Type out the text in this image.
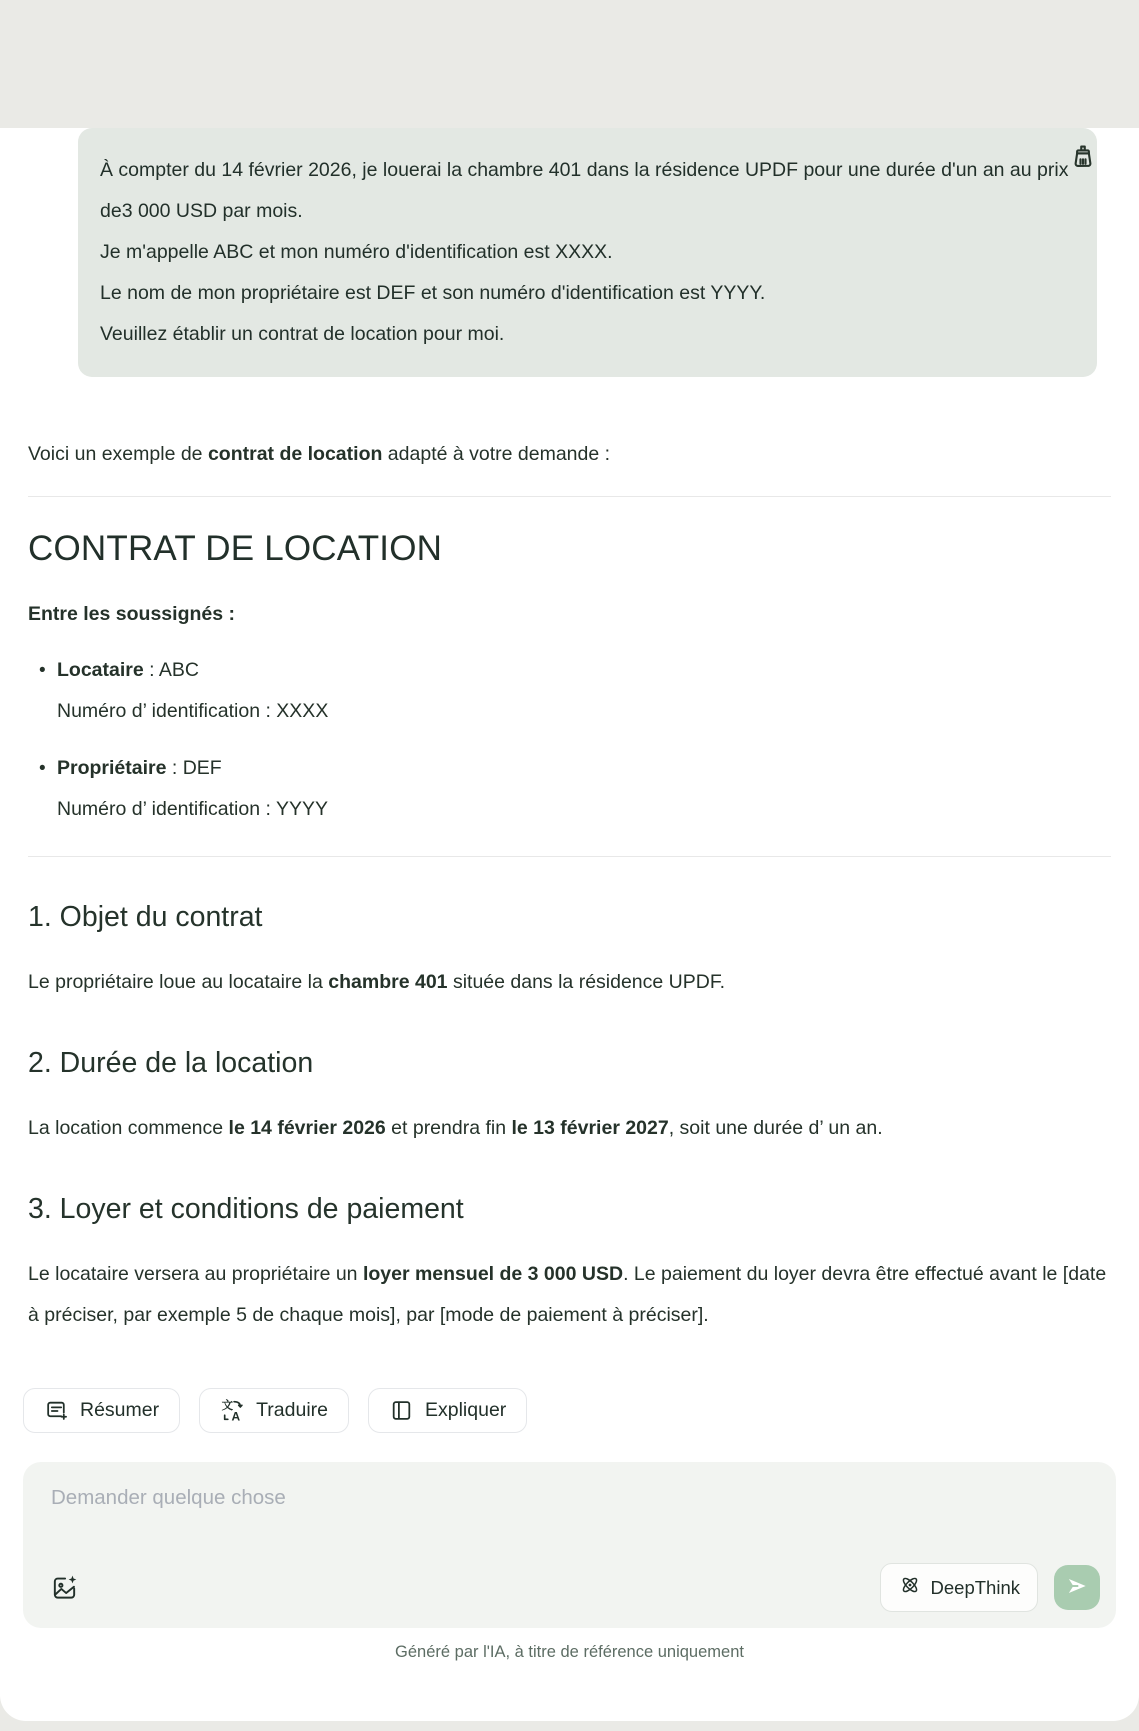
À compter du 14 février 2026, je louerai la chambre 401 dans la résidence UPDF pour une durée d'un an au prix de3 000 USD par mois.

Je m'appelle ABC et mon numéro d'identification est XXXX.

Le nom de mon propriétaire est DEF et son numéro d'identification est YYYY.

Veuillez établir un contrat de location pour moi.

Voici un exemple de contrat de location adapté à votre demande :

CONTRAT DE LOCATION

Entre les soussignés :

• Locataire : ABC
Numéro d’ identification : XXXX
• Propriétaire : DEF
Numéro d’ identification : YYYY
1. Objet du contrat

Le propriétaire loue au locataire la chambre 401 située dans la résidence UPDF.

2. Durée de la location

La location commence le 14 février 2026 et prendra fin le 13 février 2027, soit une durée d’ un an.

3. Loyer et conditions de paiement

Le locataire versera au propriétaire un loyer mensuel de 3 000 USD. Le paiement du loyer devra être effectué avant le [date à préciser, par exemple 5 de chaque mois], par [mode de paiement à préciser].

Résumer	文
A Traduire	Expliquer
Demander quelque chose
DeepThink
Généré par l'IA, à titre de référence uniquement
